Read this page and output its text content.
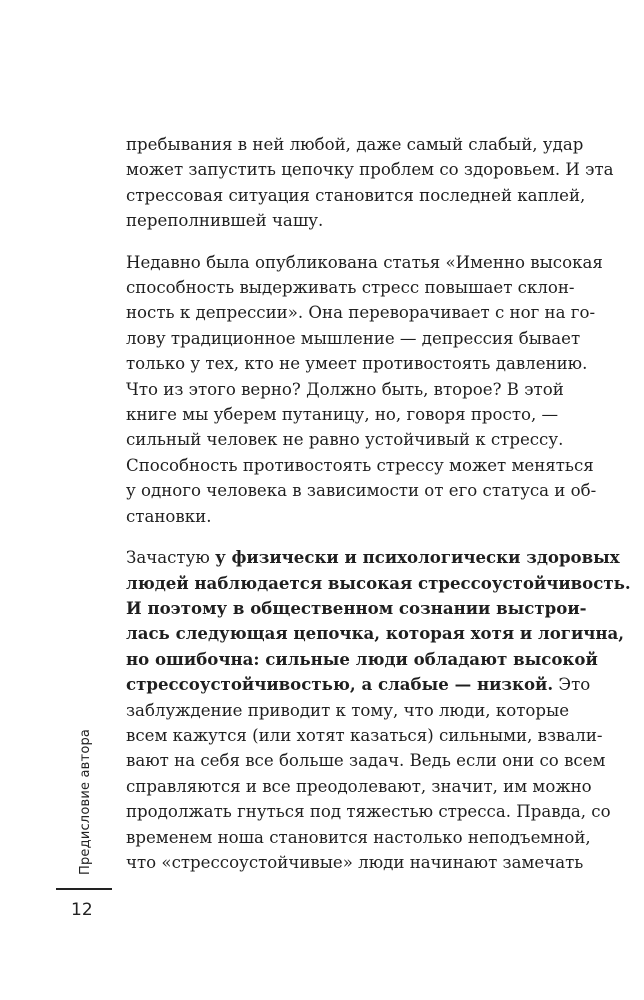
пребывания в ней любой, даже самый слабый, удар
может запустить цепочку проблем со здоровьем. И эта
стрессовая ситуация становится последней каплей,
переполнившей чашу.
Недавно была опубликована статья «Именно высокая
способность выдерживать стресс повышает склон-
ность к депрессии». Она переворачивает с ног на го-
лову традиционное мышление — депрессия бывает
только у тех, кто не умеет противостоять давлению.
Что из этого верно? Должно быть, второе? В этой
книге мы уберем путаницу, но, говоря просто, —
сильный человек не равно устойчивый к стрессу.
Способность противостоять стрессу может меняться
у одного человека в зависимости от его статуса и об-
становки.
Зачастую у физически и психологически здоровых
людей наблюдается высокая стрессоустойчивость.
И поэтому в общественном сознании выстрои-
лась следующая цепочка, которая хотя и логична,
но ошибочна: сильные люди обладают высокой
стрессоустойчивостью, а слабые — низкой. Это
заблуждение приводит к тому, что люди, которые
всем кажутся (или хотят казаться) сильными, взвали-
вают на себя все больше задач. Ведь если они со всем
справляются и все преодолевают, значит, им можно
продолжать гнуться под тяжестью стресса. Правда, со
временем ноша становится настолько неподъемной,
что «стрессоустойчивые» люди начинают замечать
Предисловие автора
12
